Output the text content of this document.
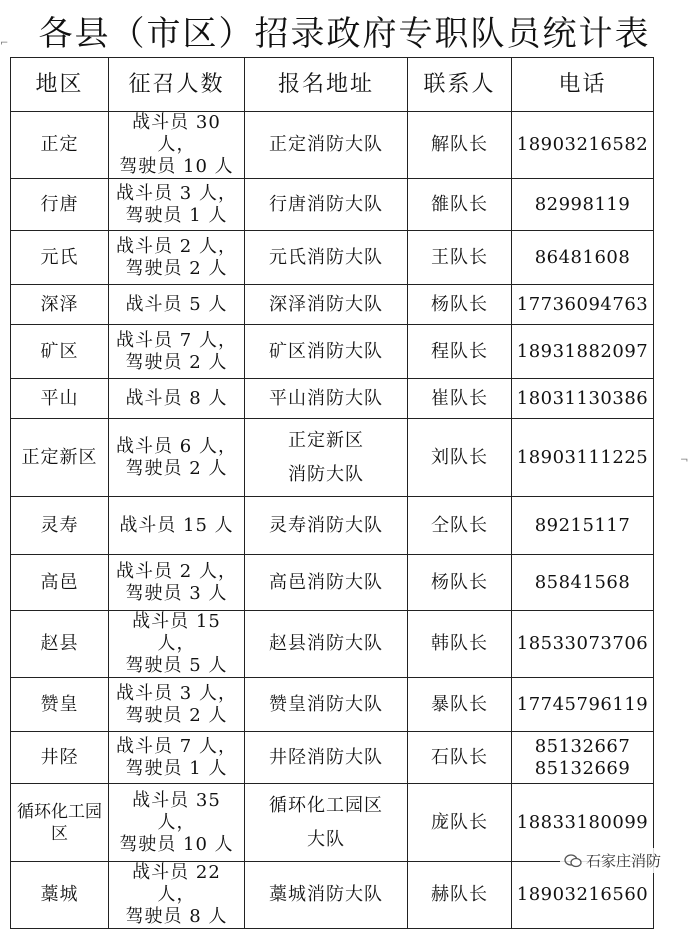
各县（市区）招录政府专职队员统计表
⌐
¬
地区	征召人数	报名地址	联系人	电话
正定	战斗员 30 人，
驾驶员 10 人	正定消防大队	解队长	18903216582

行唐	战斗员 3 人，
驾驶员 1 人	行唐消防大队	雒队长	82998119

元氏	战斗员 2 人，
驾驶员 2 人	元氏消防大队	王队长	86481608

深泽	战斗员 5 人	深泽消防大队	杨队长	17736094763

矿区	战斗员 7 人，
驾驶员 2 人	矿区消防大队	程队长	18931882097

平山	战斗员 8 人	平山消防大队	崔队长	18031130386

正定新区	战斗员 6 人，
驾驶员 2 人	正定新区
消防大队	刘队长	18903111225

灵寿	战斗员 15 人	灵寿消防大队	仝队长	89215117

高邑	战斗员 2 人，
驾驶员 3 人	高邑消防大队	杨队长	85841568

赵县	战斗员 15 人，
驾驶员 5 人	赵县消防大队	韩队长	18533073706

赞皇	战斗员 3 人，
驾驶员 2 人	赞皇消防大队	暴队长	17745796119

井陉	战斗员 7 人，
驾驶员 1 人	井陉消防大队	石队长	85132667
85132669

循环化工园区	战斗员 35 人，
驾驶员 10 人	循环化工园区
大队	庞队长	18833180099

藁城	战斗员 22 人，
驾驶员 8 人	藁城消防大队	赫队长	18903216560
石家庄消防
